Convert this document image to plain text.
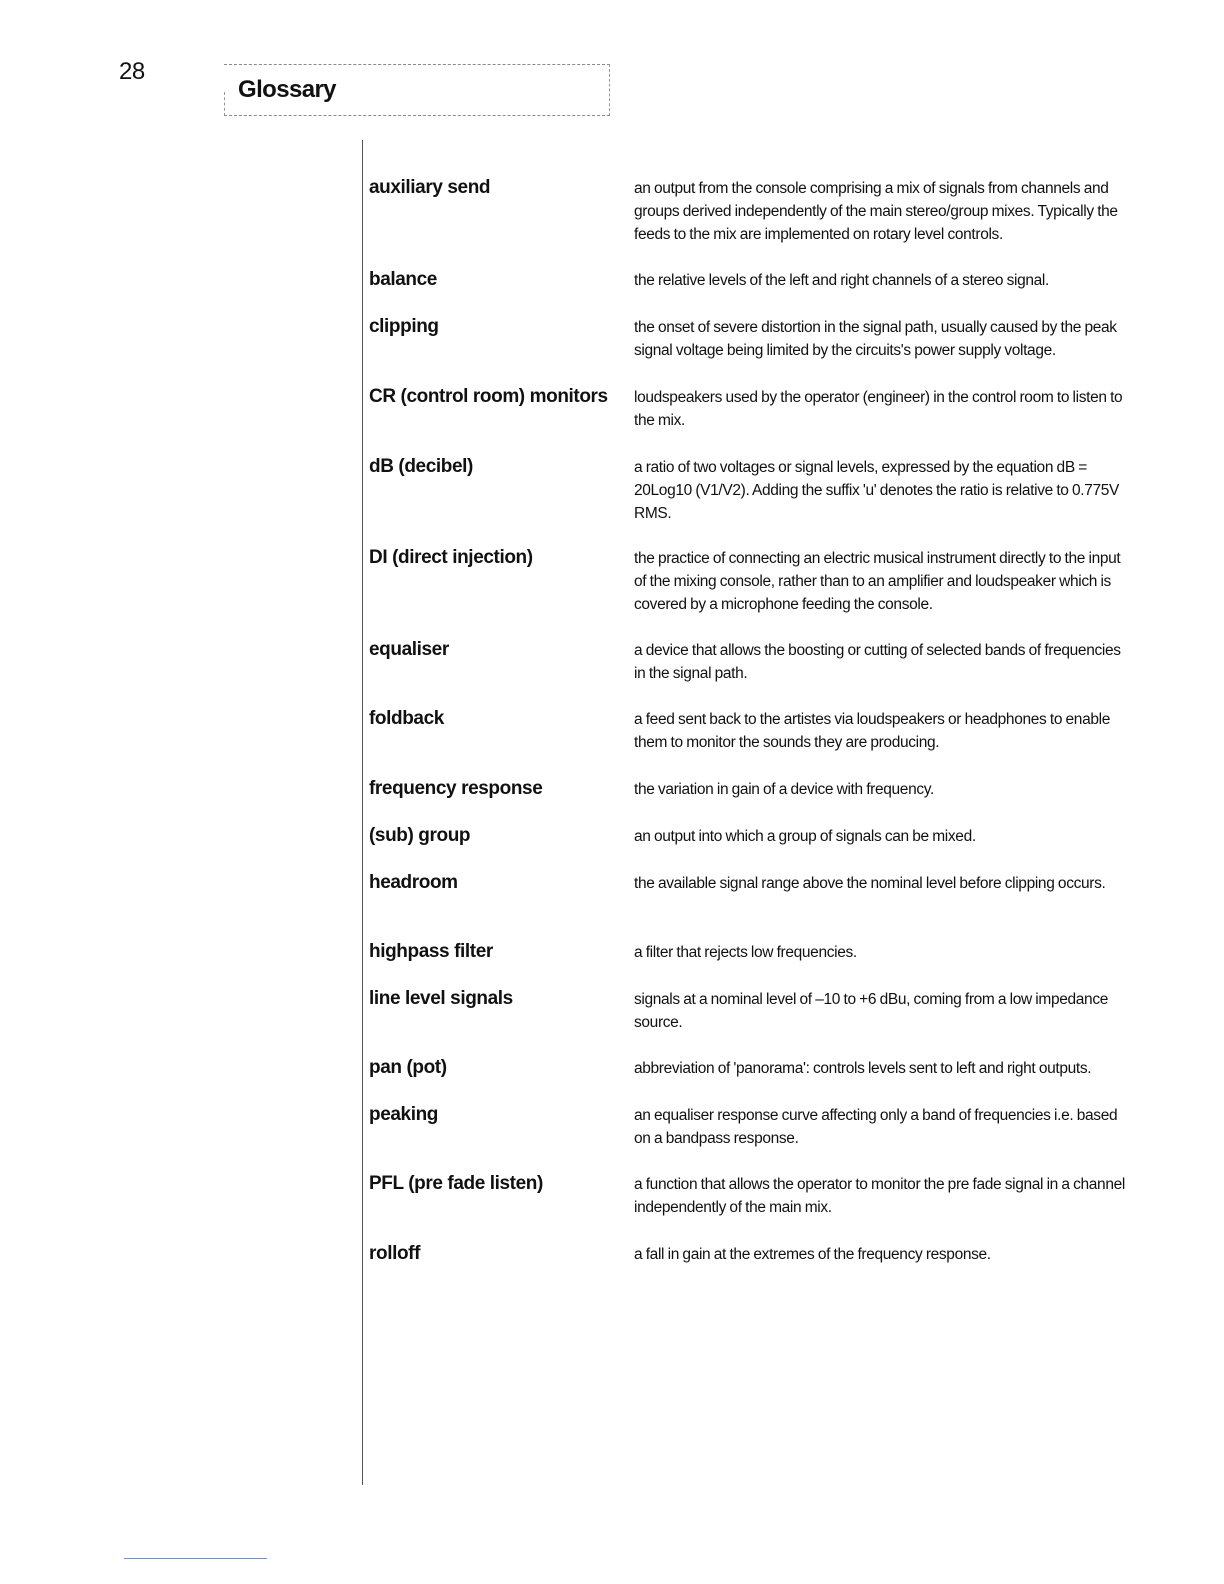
28
Glossary
auxiliary send	an output from the console comprising a mix of signals from channels and groups derived independently of the main stereo/group mixes. Typically the feeds to the mix are implemented on rotary level controls.
balance	the relative levels of the left and right channels of a stereo signal.
clipping	the onset of severe distortion in the signal path, usually caused by the peak signal voltage being limited by the circuits's power supply voltage.
CR (control room) monitors	loudspeakers used by the operator (engineer) in the control room to listen to the mix.
dB (decibel)	a ratio of two voltages or signal levels, expressed by the equation dB = 20Log10 (V1/V2). Adding the suffix 'u' denotes the ratio is relative to 0.775V RMS.
DI (direct injection)	the practice of connecting an electric musical instrument directly to the input of the mixing console, rather than to an amplifier and loudspeaker which is covered by a microphone feeding the console.
equaliser	a device that allows the boosting or cutting of selected bands of frequencies in the signal path.
foldback	a feed sent back to the artistes via loudspeakers or headphones to enable them to monitor the sounds they are producing.
frequency response	the variation in gain of a device with frequency.
(sub) group	an output into which a group of signals can be mixed.
headroom	the available signal range above the nominal level before clipping occurs.
highpass filter	a filter that rejects low frequencies.
line level signals	signals at a nominal level of –10 to +6 dBu, coming from a low impedance source.
pan (pot)	abbreviation of 'panorama': controls levels sent to left and right outputs.
peaking	an equaliser response curve affecting only a band of frequencies i.e. based on a bandpass response.
PFL (pre fade listen)	a function that allows the operator to monitor the pre fade signal in a channel independently of the main mix.
rolloff	a fall in gain at the extremes of the frequency response.
